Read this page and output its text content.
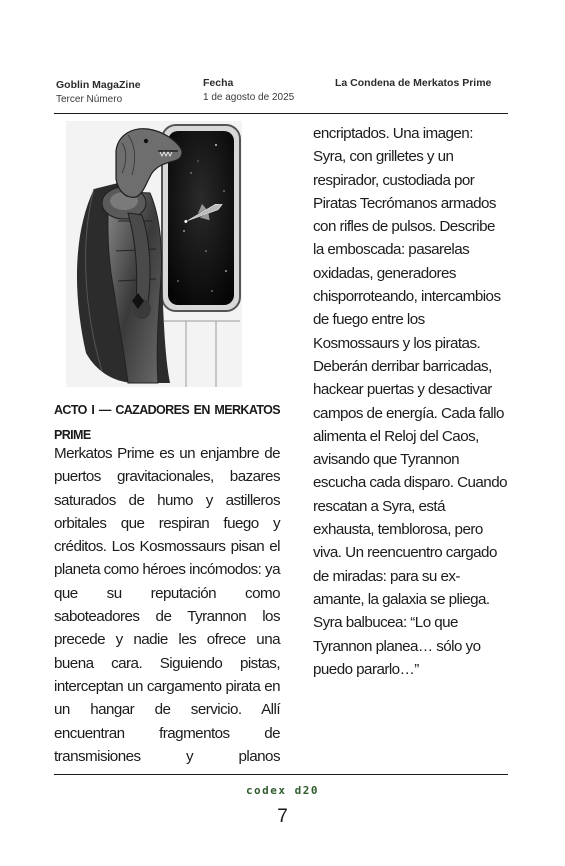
Goblin MagaZine
Tercer Número
Fecha
1 de agosto de 2025
La Condena de Merkatos Prime
ACTO I — CAZADORES EN MERKATOS PRIME
Merkatos Prime es un enjambre de puertos gravitacionales, bazares saturados de humo y astilleros orbitales que respiran fuego y créditos. Los Kosmossaurs pisan el planeta como héroes incómodos: ya que su reputación como saboteadores de Tyrannon los precede y nadie les ofrece una buena cara. Siguiendo pistas, interceptan un cargamento pirata en un hangar de servicio. Allí encuentran fragmentos de transmisiones y planos
encriptados. Una imagen: Syra, con grilletes y un respirador, custodiada por Piratas Tecrómanos armados con rifles de pulsos. Describe la emboscada: pasarelas oxidadas, generadores chisporroteando, intercambios de fuego entre los Kosmossaurs y los piratas. Deberán derribar barricadas, hackear puertas y desactivar campos de energía. Cada fallo alimenta el Reloj del Caos, avisando que Tyrannon escucha cada disparo. Cuando rescatan a Syra, está exhausta, temblorosa, pero viva. Un reencuentro cargado de miradas: para su ex-amante, la galaxia se pliega. Syra balbucea: “Lo que Tyrannon planea… sólo yo puedo pararlo…”
codex d20
7
